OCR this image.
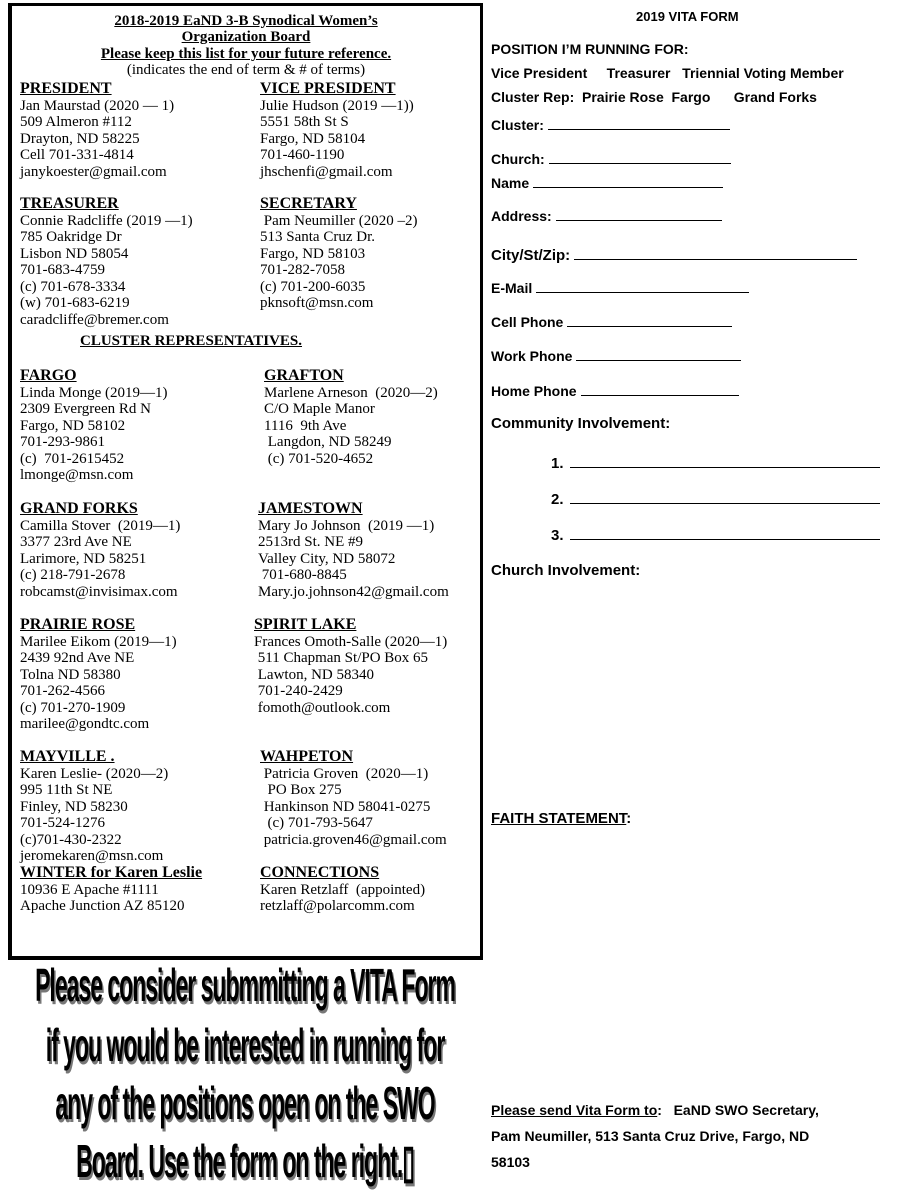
2018-2019 EaND 3-B Synodical Women’s
Organization Board
Please keep this list for your future reference.
(indicates the end of term & # of terms)
CLUSTER REPRESENTATIVES.
PRESIDENT
Jan Maurstad (2020 — 1)
509 Almeron #112
Drayton, ND 58225
Cell 701-331-4814
janykoester@gmail.com
VICE PRESIDENT
Julie Hudson (2019 —1))
5551 58th St S
Fargo, ND 58104
701-460-1190
jhschenfi@gmail.com
TREASURER
Connie Radcliffe (2019 —1)
785 Oakridge Dr
Lisbon ND 58054
701-683-4759
(c) 701-678-3334
(w) 701-683-6219
caradcliffe@bremer.com
SECRETARY
Pam Neumiller (2020 –2)
513 Santa Cruz Dr.
Fargo, ND 58103
701-282-7058
(c) 701-200-6035
pknsoft@msn.com
FARGO
Linda Monge (2019—1)
2309 Evergreen Rd N
Fargo, ND 58102
701-293-9861
(c)  701-2615452
lmonge@msn.com
GRAFTON
Marlene Arneson  (2020—2)
C/O Maple Manor
1116  9th Ave
Langdon, ND 58249
(c) 701-520-4652
GRAND FORKS
Camilla Stover  (2019—1)
3377 23rd Ave NE
Larimore, ND 58251
(c) 218-791-2678
robcamst@invisimax.com
JAMESTOWN
Mary Jo Johnson  (2019 —1)
2513rd St. NE #9
Valley City, ND 58072
701-680-8845
Mary.jo.johnson42@gmail.com
PRAIRIE ROSE
Marilee Eikom (2019—1)
2439 92nd Ave NE
Tolna ND 58380
701-262-4566
(c) 701-270-1909
marilee@gondtc.com
SPIRIT LAKE
Frances Omoth-Salle (2020—1)
511 Chapman St/PO Box 65
Lawton, ND 58340
701-240-2429
fomoth@outlook.com
MAYVILLE .
Karen Leslie- (2020—2)
995 11th St NE
Finley, ND 58230
701-524-1276
(c)701-430-2322
jeromekaren@msn.com
WAHPETON
Patricia Groven  (2020—1)
PO Box 275
Hankinson ND 58041-0275
(c) 701-793-5647
patricia.groven46@gmail.com
WINTER for Karen Leslie
10936 E Apache #1111
Apache Junction AZ 85120
CONNECTIONS
Karen Retzlaff  (appointed)
retzlaff@polarcomm.com
Please consider submmitting a VITA Form
if you would be interested in running for
any of the positions open on the SWO
Board. Use the form on the right.▯
2019 VITA FORM
POSITION I’M RUNNING FOR:
Vice President     Treasurer   Triennial Voting Member
Cluster Rep:  Prairie Rose  Fargo      Grand Forks
Cluster:
Church:
Name
Address:
City/St/Zip:
E-Mail
Cell Phone
Work Phone
Home Phone
Community Involvement:
1.
2.
3.
Church Involvement:
FAITH STATEMENT:
Please send Vita Form to:   EaND SWO Secretary,
Pam Neumiller, 513 Santa Cruz Drive, Fargo, ND
58103
